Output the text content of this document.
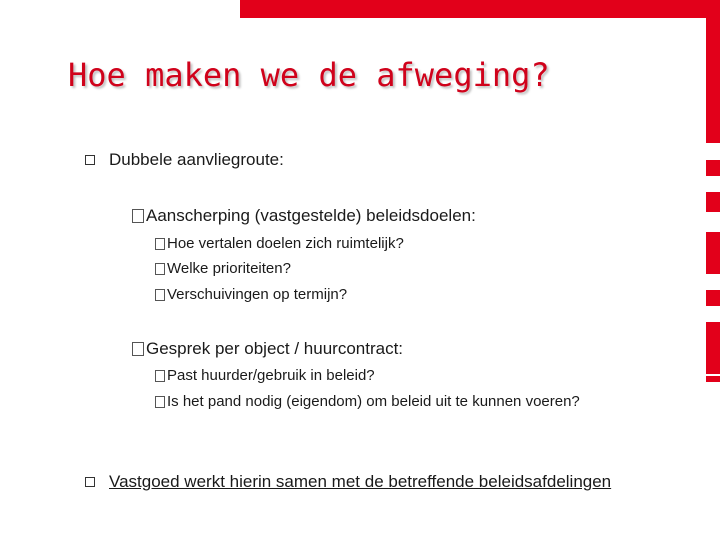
Hoe maken we de afweging?
Dubbele aanvliegroute:
Aanscherping (vastgestelde) beleidsdoelen:
Hoe vertalen doelen zich ruimtelijk?
Welke prioriteiten?
Verschuivingen op termijn?
Gesprek per object / huurcontract:
Past huurder/gebruik in beleid?
Is het pand nodig (eigendom) om beleid uit te kunnen voeren?
Vastgoed werkt hierin samen met de betreffende beleidsafdelingen
